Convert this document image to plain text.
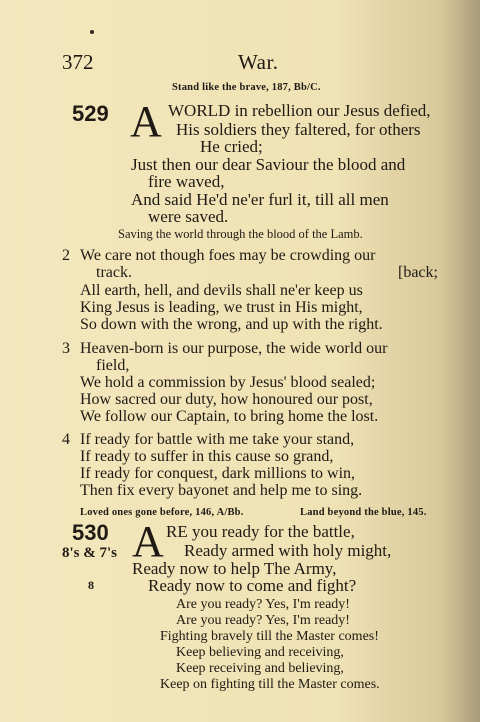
372	War.
Stand like the brave, 187, Bb/C.
529 A WORLD in rebellion our Jesus defied,
His soldiers they faltered, for others
He cried;
Just then our dear Saviour the blood and
fire waved,
And said He'd ne'er furl it, till all men
were saved.
Saving the world through the blood of the Lamb.
2 We care not though foes may be crowding our
track.	[back;
All earth, hell, and devils shall ne'er keep us
King Jesus is leading, we trust in His might,
So down with the wrong, and up with the right.
3 Heaven-born is our purpose, the wide world our
field,
We hold a commission by Jesus' blood sealed;
How sacred our duty, how honoured our post,
We follow our Captain, to bring home the lost.
4 If ready for battle with me take your stand,
If ready to suffer in this cause so grand,
If ready for conquest, dark millions to win,
Then fix every bayonet and help me to sing.
Loved ones gone before, 146, A/Bb.	Land beyond the blue, 145.
530 A RE you ready for the battle,
8's & 7's	Ready armed with holy might,
Ready now to help The Army,
8	Ready now to come and fight?
Are you ready? Yes, I'm ready!
Are you ready? Yes, I'm ready!
Fighting bravely till the Master comes!
Keep believing and receiving,
Keep receiving and believing,
Keep on fighting till the Master comes.
